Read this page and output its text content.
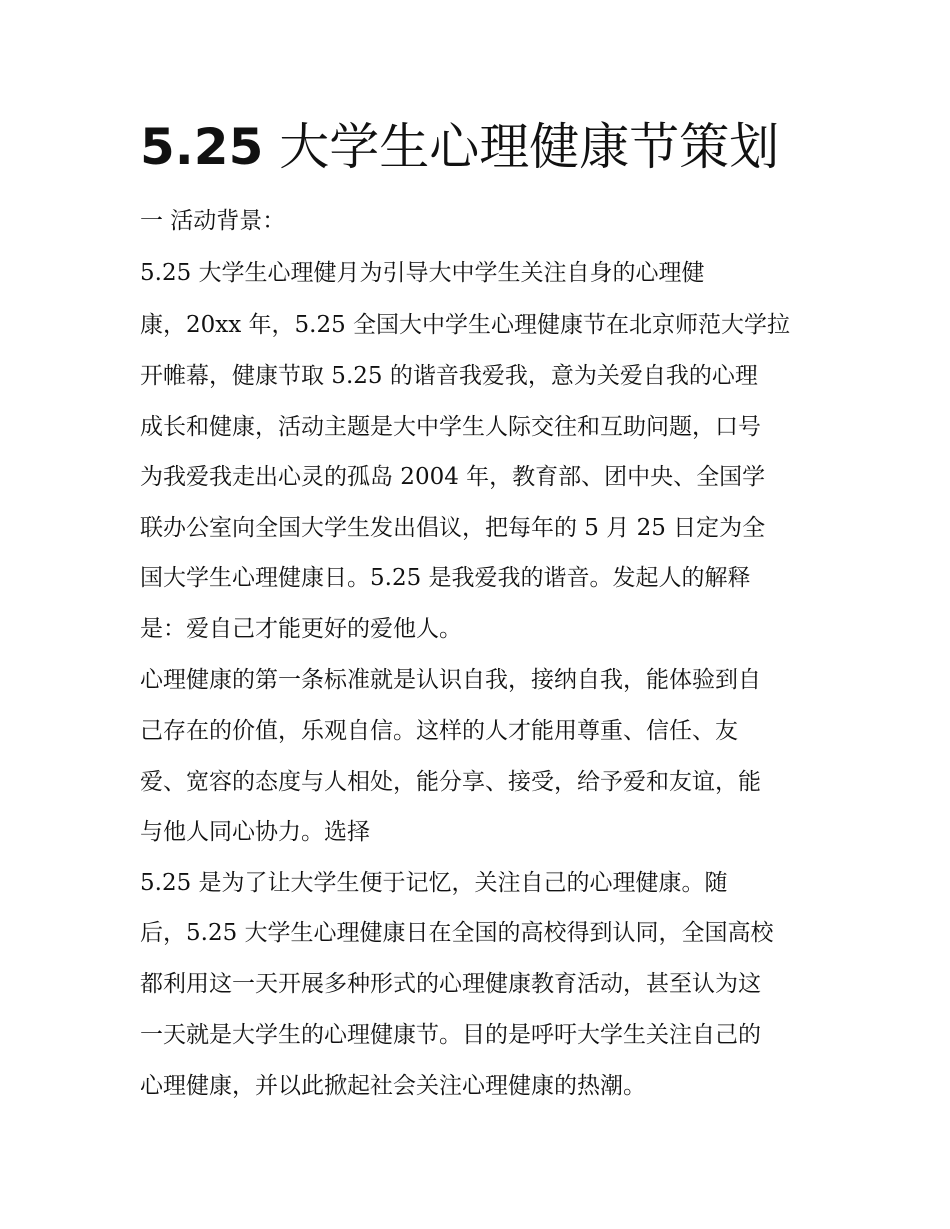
5.25 大学生心理健康节策划

一 活动背景：

5.25 大学生心理健月为引导大中学生关注自身的心理健

康，20xx 年，5.25 全国大中学生心理健康节在北京师范大学拉

开帷幕，健康节取 5.25 的谐音我爱我，意为关爱自我的心理

成长和健康，活动主题是大中学生人际交往和互助问题，口号

为我爱我走出心灵的孤岛 2004 年，教育部、团中央、全国学

联办公室向全国大学生发出倡议，把每年的 5 月 25 日定为全

国大学生心理健康日。5.25 是我爱我的谐音。发起人的解释

是：爱自己才能更好的爱他人。

心理健康的第一条标准就是认识自我，接纳自我，能体验到自

己存在的价值，乐观自信。这样的人才能用尊重、信任、友

爱、宽容的态度与人相处，能分享、接受，给予爱和友谊，能

与他人同心协力。选择

5.25 是为了让大学生便于记忆，关注自己的心理健康。随

后，5.25 大学生心理健康日在全国的高校得到认同，全国高校

都利用这一天开展多种形式的心理健康教育活动，甚至认为这

一天就是大学生的心理健康节。目的是呼吁大学生关注自己的

心理健康，并以此掀起社会关注心理健康的热潮。
